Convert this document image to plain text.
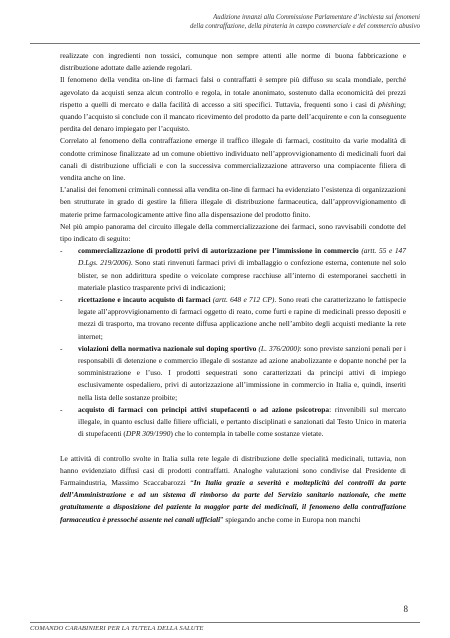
Audizione innanzi alla Commissione Parlamentare d’inchiesta sui fenomeni
della contraffazione, della pirateria in campo commerciale e del commercio abusivo

realizzate con ingredienti non tossici, comunque non sempre attenti alle norme di buona fabbricazione e distribuzione adottate dalle aziende regolari.

Il fenomeno della vendita on-line di farmaci falsi o contraffatti è sempre più diffuso su scala mondiale, perché agevolato da acquisti senza alcun controllo e regola, in totale anonimato, sostenuto dalla economicità dei prezzi rispetto a quelli di mercato e dalla facilità di accesso a siti specifici. Tuttavia, frequenti sono i casi di phishing; quando l’acquisto si conclude con il mancato ricevimento del prodotto da parte dell’acquirente e con la conseguente perdita del denaro impiegato per l’acquisto.

Correlato al fenomeno della contraffazione emerge il traffico illegale di farmaci, costituito da varie modalità di condotte criminose finalizzate ad un comune obiettivo individuato nell’approvvigionamento di medicinali fuori dai canali di distribuzione ufficiali e con la successiva commercializzazione attraverso una compiacente filiera di vendita anche on line.

L’analisi dei fenomeni criminali connessi alla vendita on-line di farmaci ha evidenziato l’esistenza di organizzazioni ben strutturate in grado di gestire la filiera illegale di distribuzione farmaceutica, dall’approvvigionamento di materie prime farmacologicamente attive fino alla dispensazione del prodotto finito.

Nel più ampio panorama del circuito illegale della commercializzazione dei farmaci, sono ravvisabili condotte del tipo indicato di seguito:

- commercializzazione di prodotti privi di autorizzazione per l’immissione in commercio (artt. 55 e 147 D.Lgs. 219/2006). Sono stati rinvenuti farmaci privi di imballaggio o confezione esterna, contenute nel solo blister, se non addirittura spedite o veicolate comprese racchiuse all’interno di estemporanei sacchetti in materiale plastico trasparente privi di indicazioni;
- ricettazione e incauto acquisto di farmaci (artt. 648 e 712 CP). Sono reati che caratterizzano le fattispecie legate all’approvvigionamento di farmaci oggetto di reato, come furti e rapine di medicinali presso depositi e mezzi di trasporto, ma trovano recente diffusa applicazione anche nell’ambito degli acquisti mediante la rete internet;
- violazioni della normativa nazionale sul doping sportivo (L. 376/2000): sono previste sanzioni penali per i responsabili di detenzione e commercio illegale di sostanze ad azione anabolizzante e dopante nonché per la somministrazione e l’uso. I prodotti sequestrati sono caratterizzati da principi attivi di impiego esclusivamente ospedaliero, privi di autorizzazione all’immissione in commercio in Italia e, quindi, inseriti nella lista delle sostanze proibite;
- acquisto di farmaci con principi attivi stupefacenti o ad azione psicotropa: rinvenibili sul mercato illegale, in quanto esclusi dalle filiere ufficiali, e pertanto disciplinati e sanzionati dal Testo Unico in materia di stupefacenti (DPR 309/1990) che lo contempla in tabelle come sostanze vietate.

Le attività di controllo svolte in Italia sulla rete legale di distribuzione delle specialità medicinali, tuttavia, non hanno evidenziato diffusi casi di prodotti contraffatti. Analoghe valutazioni sono condivise dal Presidente di Farmaindustria, Massimo Scaccabarozzi “In Italia grazie a severità e molteplicità dei controlli da parte dell’Amministrazione e ad un sistema di rimborso da parte del Servizio sanitario nazionale, che mette gratuitamente a disposizione del paziente la maggior parte dei medicinali, il fenomeno della contraffazione farmaceutica è pressoché assente nei canali ufficiali” spiegando anche come in Europa non manchi

8
COMANDO CARABINIERI PER LA TUTELA DELLA SALUTE
